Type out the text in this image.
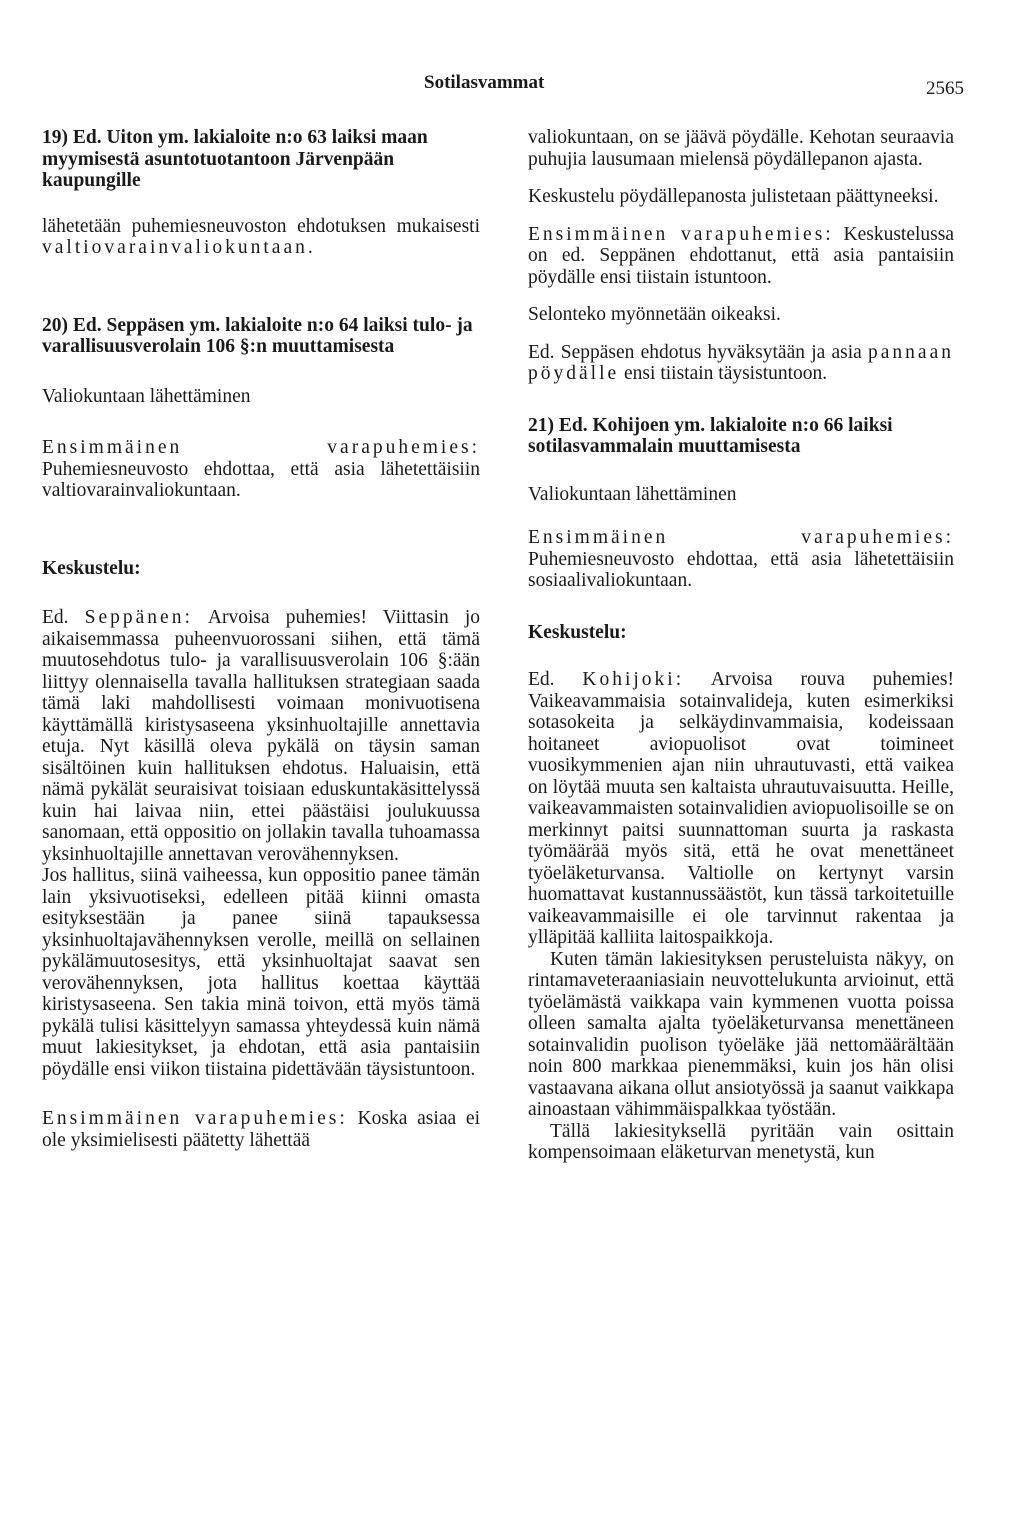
Sotilasvammat	2565
19) Ed. Uiton ym. lakialoite n:o 63 laiksi maan myymisestä asuntotuotantoon Järvenpään kaupungille
lähetetään puhemiesneuvoston ehdotuksen mukaisesti valtiovarainvaliokuntaan.
20) Ed. Seppäsen ym. lakialoite n:o 64 laiksi tulo- ja varallisuusverolain 106 §:n muuttamisesta
Valiokuntaan lähettäminen
Ensimmäinen varapuhemies: Puhemiesneuvosto ehdottaa, että asia lähetettäisiin valtiovarainvaliokuntaan.
Keskustelu:

Ed. Seppänen: Arvoisa puhemies! Viittasin jo aikaisemmassa puheenvuorossani siihen, että tämä muutosehdotus tulo- ja varallisuusverolain 106 §:ään liittyy olennaisella tavalla hallituksen strategiaan saada tämä laki mahdollisesti voimaan monivuotisena käyttämällä kiristysaseena yksinhuoltajille annettavia etuja. Nyt käsillä oleva pykälä on täysin saman sisältöinen kuin hallituksen ehdotus. Haluaisin, että nämä pykälät seuraisivat toisiaan eduskuntakäsittelyssä kuin hai laivaa niin, ettei päästäisi joulukuussa sanomaan, että oppositio on jollakin tavalla tuhoamassa yksinhuoltajille annettavan verovähennyksen.

Jos hallitus, siinä vaiheessa, kun oppositio panee tämän lain yksivuotiseksi, edelleen pitää kiinni omasta esityksestään ja panee siinä tapauksessa yksinhuoltajavähennyksen verolle, meillä on sellainen pykälämuutosesitys, että yksinhuoltajat saavat sen verovähennyksen, jota hallitus koettaa käyttää kiristysaseena. Sen takia minä toivon, että myös tämä pykälä tulisi käsittelyyn samassa yhteydessä kuin nämä muut lakiesitykset, ja ehdotan, että asia pantaisiin pöydälle ensi viikon tiistaina pidettävään täysistuntoon.

Ensimmäinen varapuhemies: Koska asiaa ei ole yksimielisesti päätetty lähettää
valiokuntaan, on se jäävä pöydälle. Kehotan seuraavia puhujia lausumaan mielensä pöydällepanon ajasta.
Keskustelu pöydällepanosta julistetaan päättyneeksi.
Ensimmäinen varapuhemies: Keskustelussa on ed. Seppänen ehdottanut, että asia pantaisiin pöydälle ensi tiistain istuntoon.
Selonteko myönnetään oikeaksi.
Ed. Seppäsen ehdotus hyväksytään ja asia pannaan pöydälle ensi tiistain täysistuntoon.
21) Ed. Kohijoen ym. lakialoite n:o 66 laiksi sotilasvammalain muuttamisesta
Valiokuntaan lähettäminen
Ensimmäinen varapuhemies: Puhemiesneuvosto ehdottaa, että asia lähetettäisiin sosiaalivaliokuntaan.
Keskustelu:

Ed. Kohijoki: Arvoisa rouva puhemies! Vaikeavammaisia sotainvalideja, kuten esimerkiksi sotasokeita ja selkäydinvammaisia, kodeissaan hoitaneet aviopuolisot ovat toimineet vuosikymmenien ajan niin uhrautuvasti, että vaikea on löytää muuta sen kaltaista uhrautuvaisuutta. Heille, vaikeavammaisten sotainvalidien aviopuolisoille se on merkinnyt paitsi suunnattoman suurta ja raskasta työmäärää myös sitä, että he ovat menettäneet työeläketurvansa. Valtiolle on kertynyt varsin huomattavat kustannussäästöt, kun tässä tarkoitetuille vaikeavammaisille ei ole tarvinnut rakentaa ja ylläpitää kalliita laitospaikkoja.

Kuten tämän lakiesityksen perusteluista näkyy, on rintamaveteraaniasiain neuvottelukunta arvioinut, että työelämästä vaikkapa vain kymmenen vuotta poissa olleen samalta ajalta työeläketurvansa menettäneen sotainvalidin puolison työeläke jää nettomäärältään noin 800 markkaa pienemmäksi, kuin jos hän olisi vastaavana aikana ollut ansiotyössä ja saanut vaikkapa ainoastaan vähimmäispalkkaa työstään.

Tällä lakiesityksellä pyritään vain osittain kompensoimaan eläketurvan menetystä, kun
